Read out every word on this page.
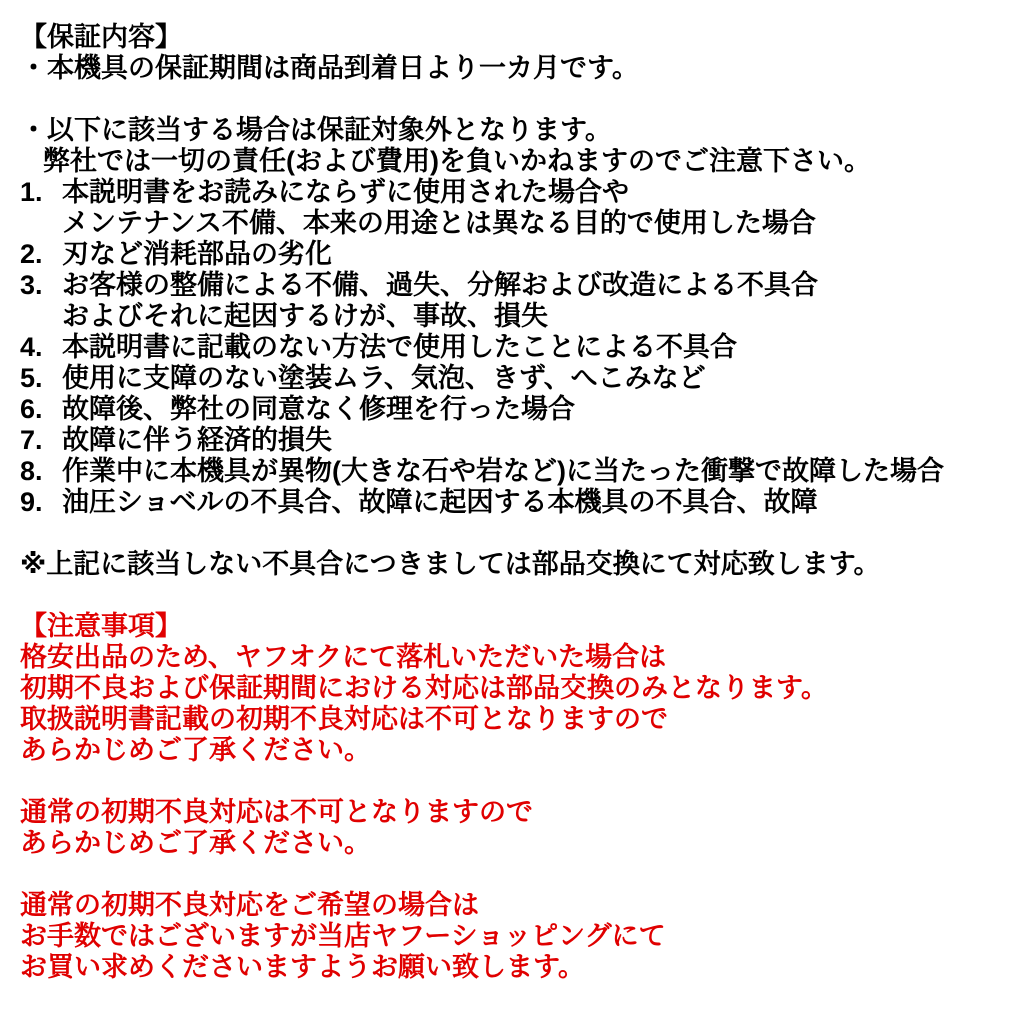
【保証内容】
・本機具の保証期間は商品到着日より一カ月です。
・以下に該当する場合は保証対象外となります。
弊社では一切の責任(および費用)を負いかねますのでご注意下さい。
1. 本説明書をお読みにならずに使用された場合や
メンテナンス不備、本来の用途とは異なる目的で使用した場合
2. 刃など消耗部品の劣化
3. お客様の整備による不備、過失、分解および改造による不具合
およびそれに起因するけが、事故、損失
4. 本説明書に記載のない方法で使用したことによる不具合
5. 使用に支障のない塗装ムラ、気泡、きず、へこみなど
6. 故障後、弊社の同意なく修理を行った場合
7. 故障に伴う経済的損失
8. 作業中に本機具が異物(大きな石や岩など)に当たった衝撃で故障した場合
9. 油圧ショベルの不具合、故障に起因する本機具の不具合、故障
※上記に該当しない不具合につきましては部品交換にて対応致します。
【注意事項】
格安出品のため、ヤフオクにて落札いただいた場合は
初期不良および保証期間における対応は部品交換のみとなります。
取扱説明書記載の初期不良対応は不可となりますので
あらかじめご了承ください。
通常の初期不良対応は不可となりますので
あらかじめご了承ください。
通常の初期不良対応をご希望の場合は
お手数ではございますが当店ヤフーショッピングにて
お買い求めくださいますようお願い致します。
